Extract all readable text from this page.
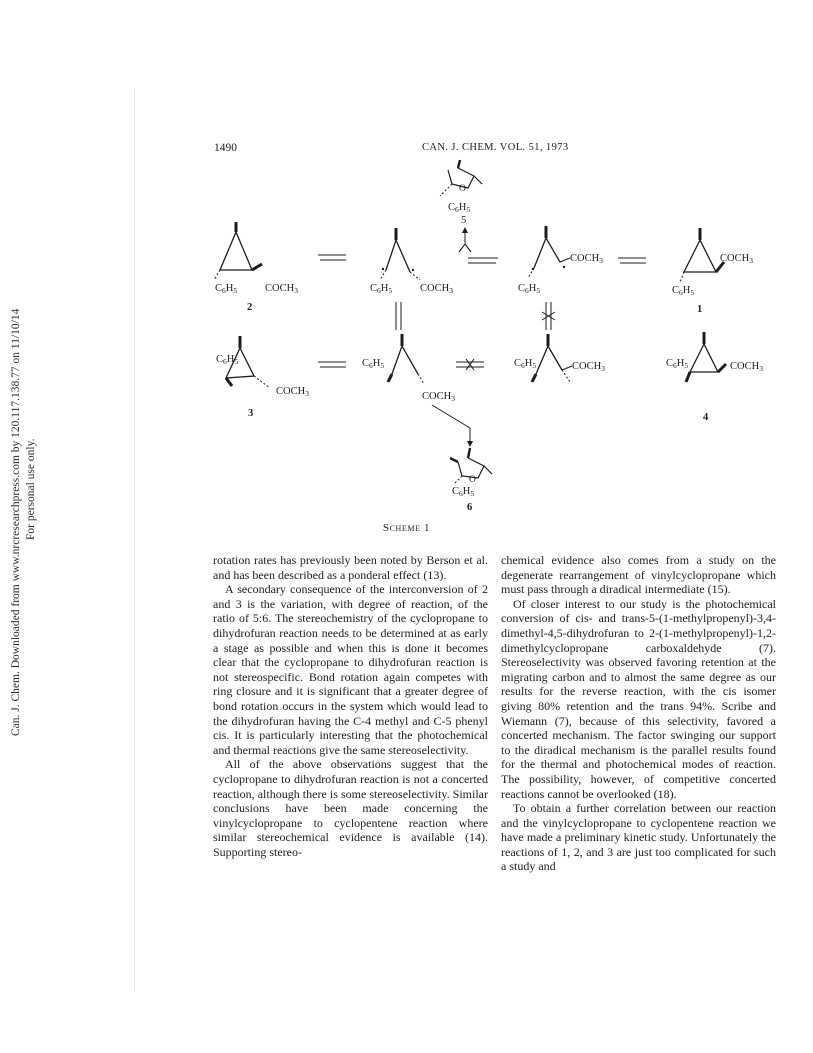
Can. J. Chem. Downloaded from www.nrcresearchpress.com by 120.117.138.77 on 11/10/14 For personal use only.
1490	CAN. J. CHEM. VOL. 51, 1973
O
C6H5
5
C6H5	COCH3
2
C6H5	COCH3	C6H5
COCH3
C6H5
COCH3
1
C6H5
COCH3
3
C6H5
COCH3
C6H5	COCH3	C6H5	COCH3
4
O
C6H5
6
Scheme 1

rotation rates has previously been noted by Berson et al. and has been described as a ponderal effect (13).

A secondary consequence of the interconversion of 2 and 3 is the variation, with degree of reaction, of the ratio of 5:6. The stereochemistry of the cyclopropane to dihydrofuran reaction needs to be determined at as early a stage as possible and when this is done it becomes clear that the cyclopropane to dihydrofuran reaction is not stereospecific. Bond rotation again competes with ring closure and it is significant that a greater degree of bond rotation occurs in the system which would lead to the dihydrofuran having the C-4 methyl and C-5 phenyl cis. It is particularly interesting that the photochemical and thermal reactions give the same stereoselectivity.

All of the above observations suggest that the cyclopropane to dihydrofuran reaction is not a concerted reaction, although there is some stereoselectivity. Similar conclusions have been made concerning the vinylcyclopropane to cyclopentene reaction where similar stereochemical evidence is available (14). Supporting stereo-

chemical evidence also comes from a study on the degenerate rearrangement of vinylcyclopropane which must pass through a diradical intermediate (15).

Of closer interest to our study is the photochemical conversion of cis- and trans-5-(1-methylpropenyl)-3,4-dimethyl-4,5-dihydrofuran to 2-(1-methylpropenyl)-1,2-dimethylcyclopropane carboxaldehyde (7). Stereoselectivity was observed favoring retention at the migrating carbon and to almost the same degree as our results for the reverse reaction, with the cis isomer giving 80% retention and the trans 94%. Scribe and Wiemann (7), because of this selectivity, favored a concerted mechanism. The factor swinging our support to the diradical mechanism is the parallel results found for the thermal and photochemical modes of reaction. The possibility, however, of competitive concerted reactions cannot be overlooked (18).

To obtain a further correlation between our reaction and the vinylcyclopropane to cyclopentene reaction we have made a preliminary kinetic study. Unfortunately the reactions of 1, 2, and 3 are just too complicated for such a study and
